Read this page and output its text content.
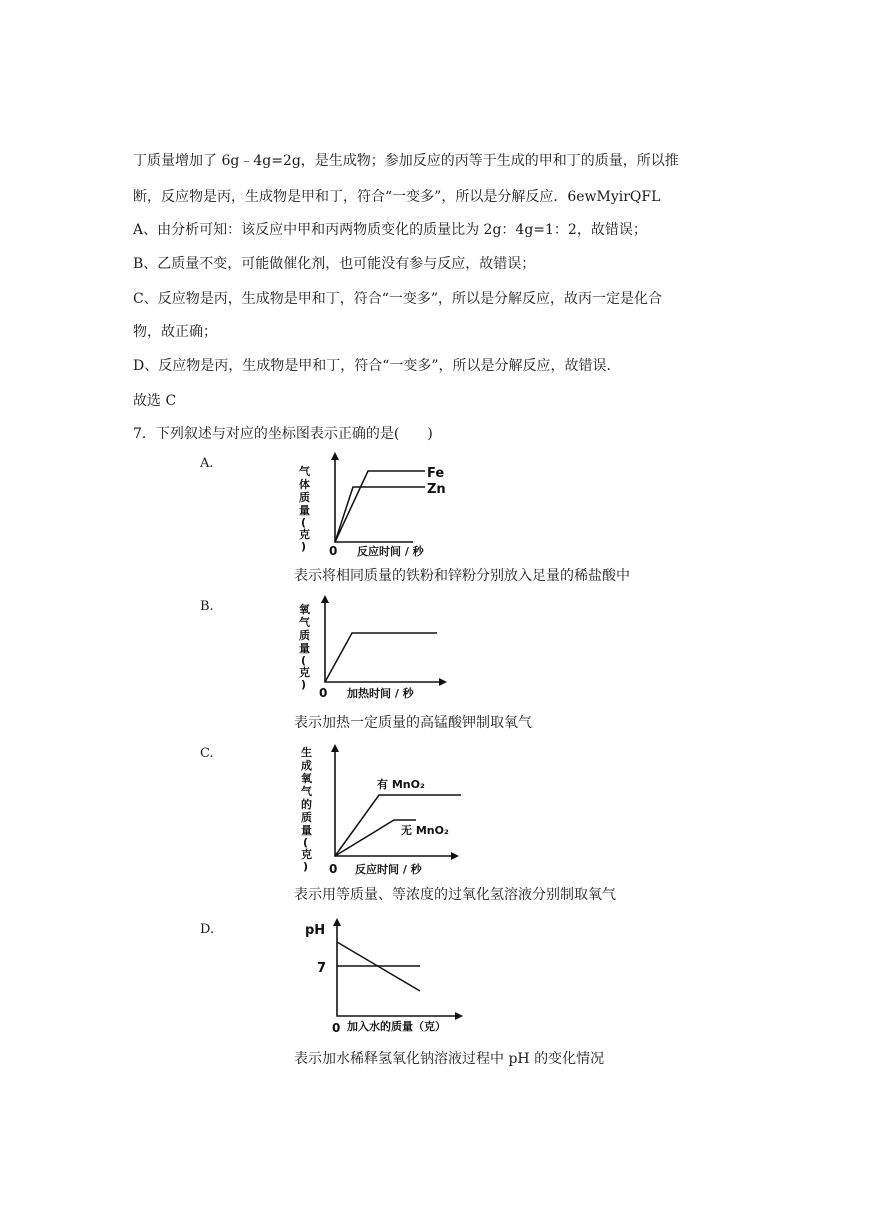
丁质量增加了 6g﹣4g=2g，是生成物；参加反应的丙等于生成的甲和丁的质量，所以推
断，反应物是丙，生成物是甲和丁，符合“一变多”，所以是分解反应．6ewMyirQFL
A、由分析可知：该反应中甲和丙两物质变化的质量比为 2g：4g=1：2，故错误；
B、乙质量不变，可能做催化剂，也可能没有参与反应，故错误；
C、反应物是丙，生成物是甲和丁，符合“一变多”，所以是分解反应，故丙一定是化合
物，故正确；
D、反应物是丙，生成物是甲和丁，符合“一变多”，所以是分解反应，故错误．
故选 C
7．下列叙述与对应的坐标图表示正确的是(　　)
A.
气
体
质
量
(
克
)
Fe
Zn
0 反应时间 / 秒
表示将相同质量的铁粉和锌粉分别放入足量的稀盐酸中
B.	氧
气
质
量
(
克
)
0 加热时间 / 秒
表示加热一定质量的高锰酸钾制取氧气
C.	生
成
氧
气
的
质
量
(
克
)
有 MnO₂
无 MnO₂
0 反应时间 / 秒
表示用等质量、等浓度的过氧化氢溶液分别制取氧气
D.	pH
7
0 加入水的质量（克）
表示加水稀释氢氧化钠溶液过程中 pH 的变化情况
